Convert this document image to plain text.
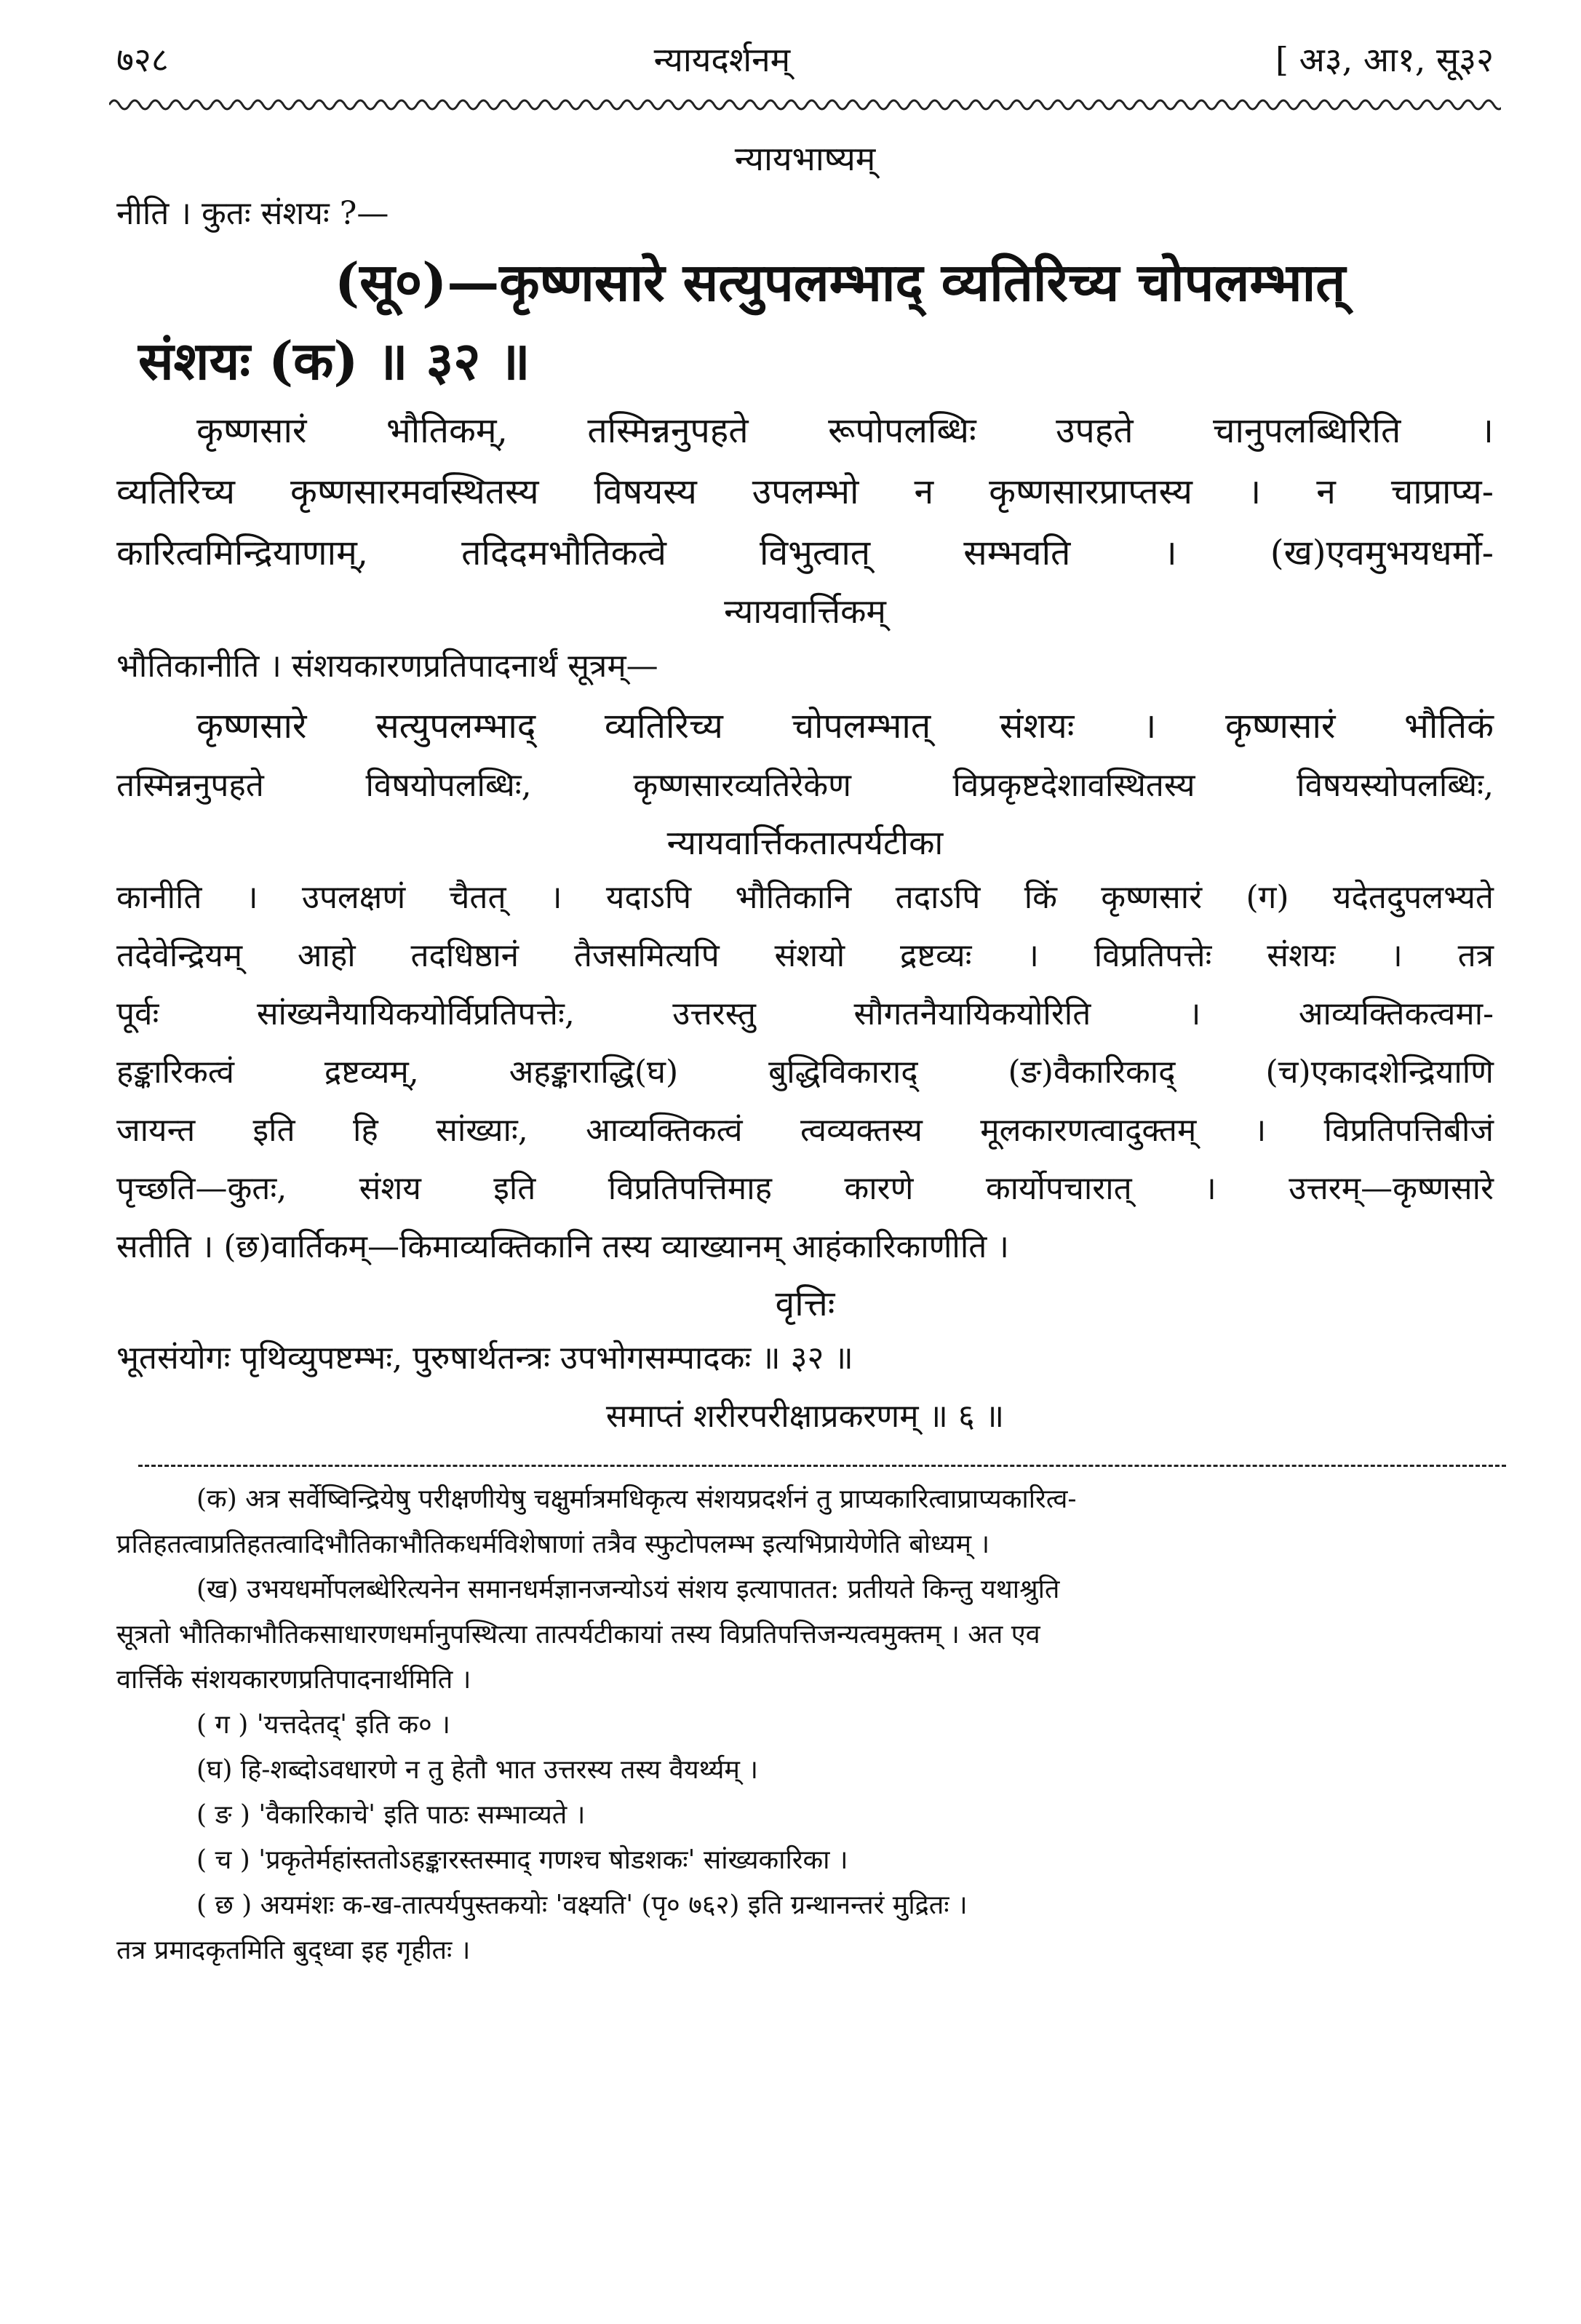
७२८	न्यायदर्शनम्	[ अ३, आ१, सू३२
न्यायभाष्यम्
नीति । कुतः संशयः ?—
(सू०)—कृष्णसारे सत्युपलम्भाद् व्यतिरिच्य चोपलम्भात्
संशयः (क) ॥ ३२ ॥
कृष्णसारं भौतिकम्, तस्मिन्ननुपहते रूपोपलब्धिः उपहते चानुपलब्धिरिति ।
व्यतिरिच्य कृष्णसारमवस्थितस्य विषयस्य उपलम्भो न कृष्णसारप्राप्तस्य । न चाप्राप्य-
कारित्वमिन्द्रियाणाम्, तदिदमभौतिकत्वे विभुत्वात् सम्भवति । (ख)एवमुभयधर्मो-
न्यायवार्त्तिकम्
भौतिकानीति । संशयकारणप्रतिपादनार्थं सूत्रम्—
कृष्णसारे सत्युपलम्भाद् व्यतिरिच्य चोपलम्भात् संशयः । कृष्णसारं भौतिकं
तस्मिन्ननुपहते विषयोपलब्धिः, कृष्णसारव्यतिरेकेण विप्रकृष्टदेशावस्थितस्य विषयस्योपलब्धिः,
न्यायवार्त्तिकतात्पर्यटीका
कानीति । उपलक्षणं चैतत् । यदाऽपि भौतिकानि तदाऽपि किं कृष्णसारं (ग) यदेतदुपलभ्यते
तदेवेन्द्रियम् आहो तदधिष्ठानं तैजसमित्यपि संशयो द्रष्टव्यः । विप्रतिपत्तेः संशयः । तत्र
पूर्वः सांख्यनैयायिकयोर्विप्रतिपत्तेः, उत्तरस्तु सौगतनैयायिकयोरिति । आव्यक्तिकत्वमा-
हङ्कारिकत्वं द्रष्टव्यम्, अहङ्काराद्धि(घ) बुद्धिविकाराद् (ङ)वैकारिकाद् (च)एकादशेन्द्रियाणि
जायन्त इति हि सांख्याः, आव्यक्तिकत्वं त्वव्यक्तस्य मूलकारणत्वादुक्तम् । विप्रतिपत्तिबीजं
पृच्छति—कुतः, संशय इति विप्रतिपत्तिमाह कारणे कार्योपचारात् । उत्तरम्—कृष्णसारे
सतीति । (छ)वार्तिकम्—किमाव्यक्तिकानि तस्य व्याख्यानम् आहंकारिकाणीति ।
वृत्तिः
भूतसंयोगः पृथिव्युपष्टम्भः, पुरुषार्थतन्त्रः उपभोगसम्पादकः ॥ ३२ ॥
समाप्तं शरीरपरीक्षाप्रकरणम् ॥ ६ ॥
(क) अत्र सर्वेष्विन्द्रियेषु परीक्षणीयेषु चक्षुर्मात्रमधिकृत्य संशयप्रदर्शनं तु प्राप्यकारित्वाप्राप्यकारित्व-
प्रतिहतत्वाप्रतिहतत्वादिभौतिकाभौतिकधर्मविशेषाणां तत्रैव स्फुटोपलम्भ इत्यभिप्रायेणेति बोध्यम् ।
(ख) उभयधर्मोपलब्धेरित्यनेन समानधर्मज्ञानजन्योऽयं संशय इत्यापातत: प्रतीयते किन्तु यथाश्रुति
सूत्रतो भौतिकाभौतिकसाधारणधर्मानुपस्थित्या तात्पर्यटीकायां तस्य विप्रतिपत्तिजन्यत्वमुक्तम् । अत एव
वार्त्तिके संशयकारणप्रतिपादनार्थमिति ।
( ग ) 'यत्तदेतद्' इति क० ।
(घ) हि-शब्दोऽवधारणे न तु हेतौ भात उत्तरस्य तस्य वैयर्थ्यम् ।
( ङ ) 'वैकारिकाचे' इति पाठः सम्भाव्यते ।
( च ) 'प्रकृतेर्महांस्ततोऽहङ्कारस्तस्माद् गणश्च षोडशकः' सांख्यकारिका ।
( छ ) अयमंशः क-ख-तात्पर्यपुस्तकयोः 'वक्ष्यति' (पृ० ७६२) इति ग्रन्थानन्तरं मुद्रितः ।
तत्र प्रमादकृतमिति बुद्ध्वा इह गृहीतः ।
